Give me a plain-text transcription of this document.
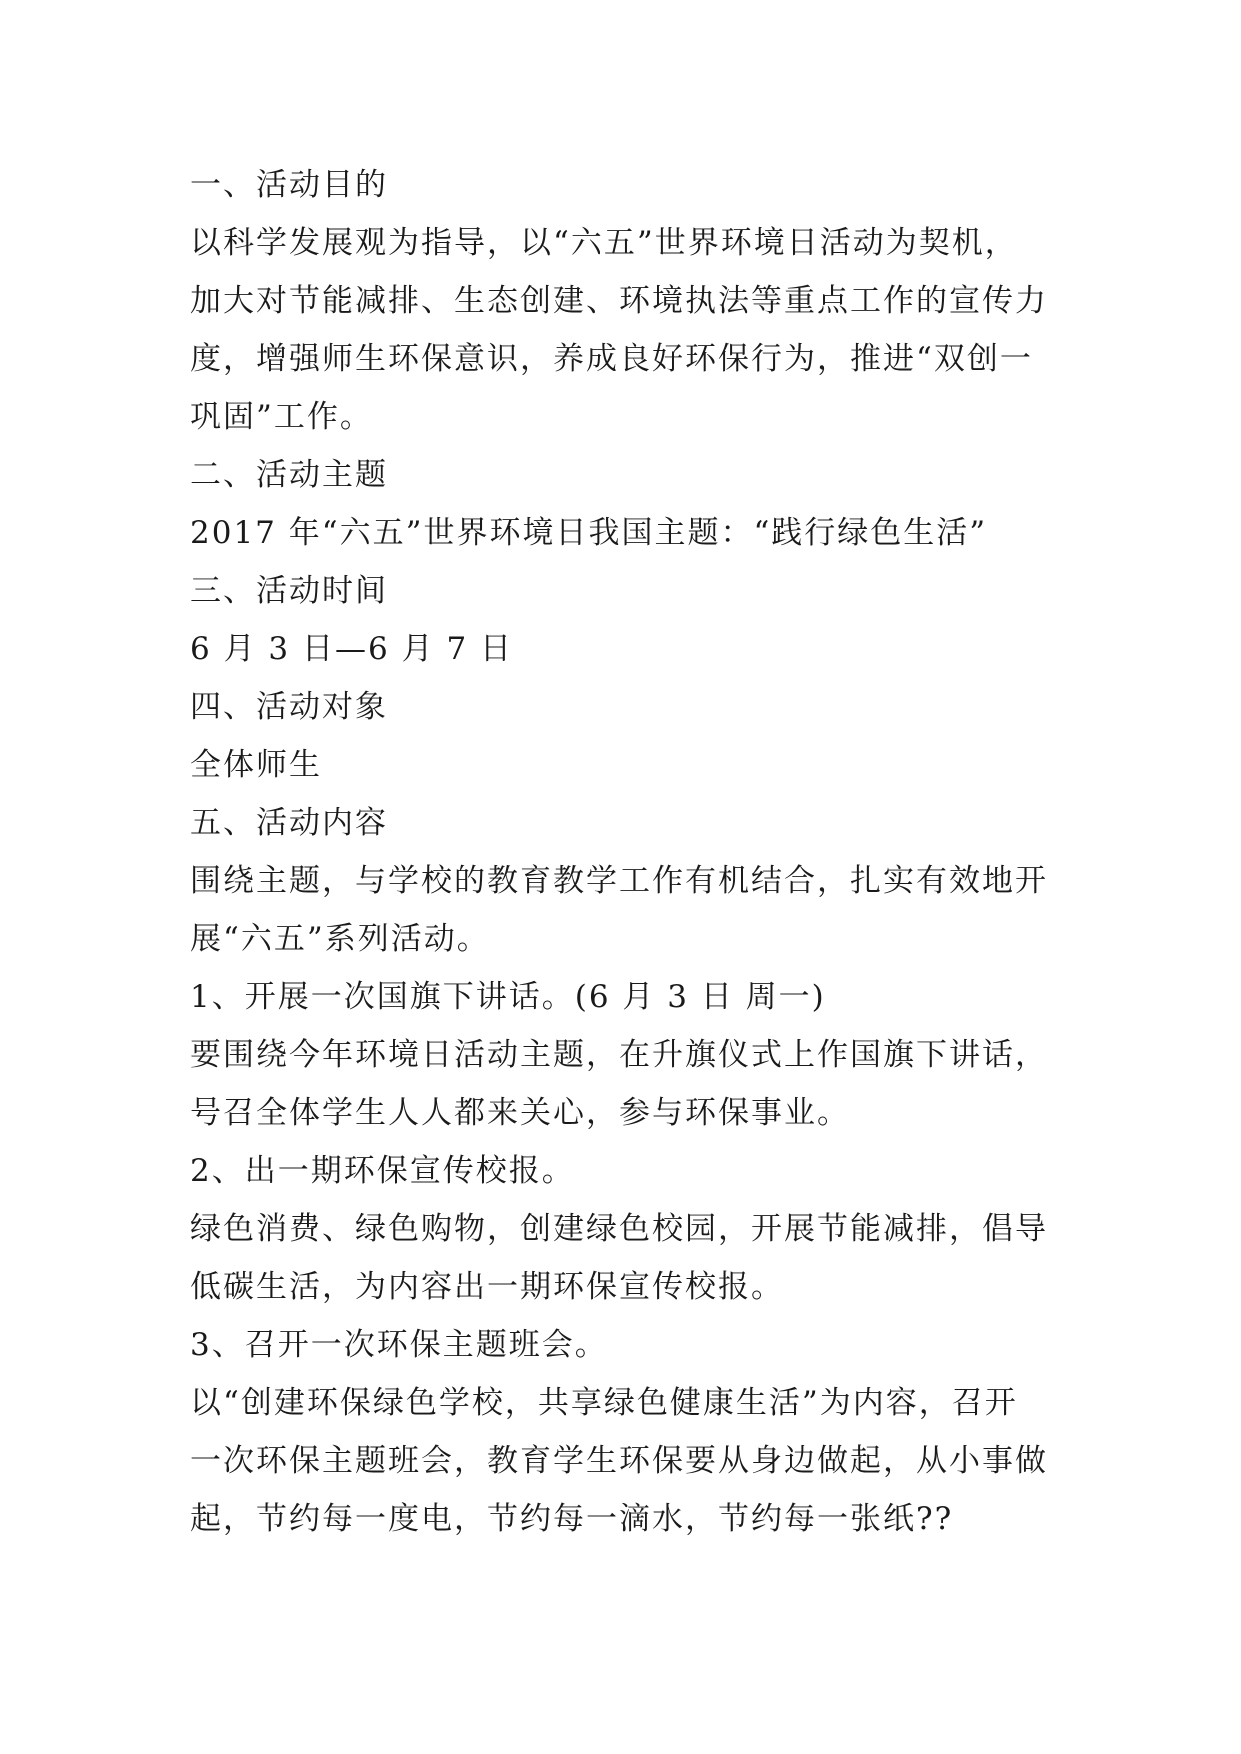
一、活动目的
以科学发展观为指导，以“六五”世界环境日活动为契机，
加大对节能减排、生态创建、环境执法等重点工作的宣传力
度，增强师生环保意识，养成良好环保行为，推进“双创一
巩固”工作。
二、活动主题
2017 年“六五”世界环境日我国主题：“践行绿色生活”
三、活动时间
6 月 3 日—6 月 7 日
四、活动对象
全体师生
五、活动内容
围绕主题，与学校的教育教学工作有机结合，扎实有效地开
展“六五”系列活动。
1、开展一次国旗下讲话。(6 月 3 日 周一)
要围绕今年环境日活动主题，在升旗仪式上作国旗下讲话，
号召全体学生人人都来关心，参与环保事业。
2、出一期环保宣传校报。
绿色消费、绿色购物，创建绿色校园，开展节能减排，倡导
低碳生活，为内容出一期环保宣传校报。
3、召开一次环保主题班会。
以“创建环保绿色学校，共享绿色健康生活”为内容，召开
一次环保主题班会，教育学生环保要从身边做起，从小事做
起，节约每一度电，节约每一滴水，节约每一张纸??
